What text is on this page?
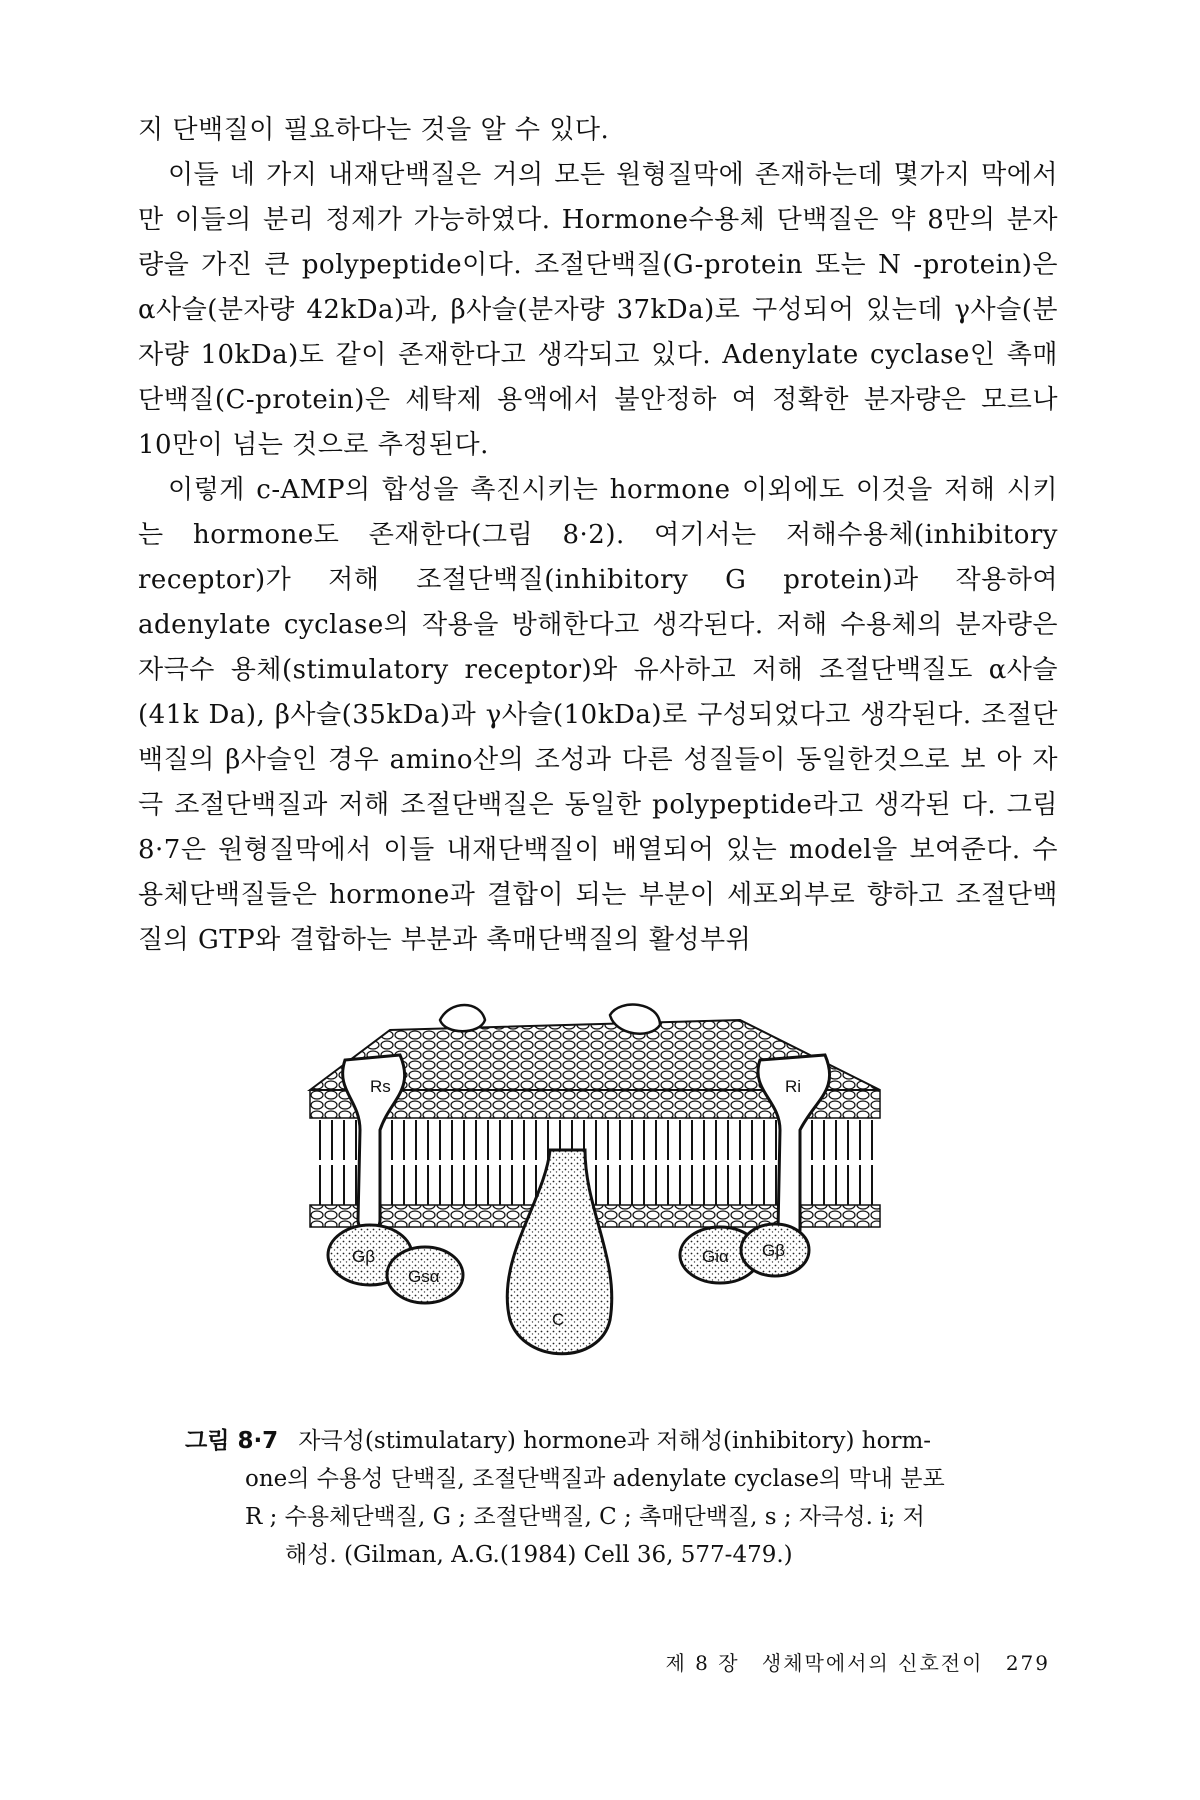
지 단백질이 필요하다는 것을 알 수 있다.

이들 네 가지 내재단백질은 거의 모든 원형질막에 존재하는데 몇가지 막에서만 이들의 분리 정제가 가능하였다. Hormone수용체 단백질은 약 8만의 분자량을 가진 큰 polypeptide이다. 조절단백질(G-protein 또는 N -protein)은 α사슬(분자량 42kDa)과, β사슬(분자량 37kDa)로 구성되어 있는데 γ사슬(분자량 10kDa)도 같이 존재한다고 생각되고 있다. Adenylate cyclase인 촉매단백질(C-protein)은 세탁제 용액에서 불안정하 여 정확한 분자량은 모르나 10만이 넘는 것으로 추정된다.

이렇게 c-AMP의 합성을 촉진시키는 hormone 이외에도 이것을 저해 시키는 hormone도 존재한다(그림 8·2). 여기서는 저해수용체(inhibitory receptor)가 저해 조절단백질(inhibitory G protein)과 작용하여 adenylate cyclase의 작용을 방해한다고 생각된다. 저해 수용체의 분자량은 자극수 용체(stimulatory receptor)와 유사하고 저해 조절단백질도 α사슬(41k Da), β사슬(35kDa)과 γ사슬(10kDa)로 구성되었다고 생각된다. 조절단 백질의 β사슬인 경우 amino산의 조성과 다른 성질들이 동일한것으로 보 아 자극 조절단백질과 저해 조절단백질은 동일한 polypeptide라고 생각된 다. 그림 8·7은 원형질막에서 이들 내재단백질이 배열되어 있는 model을 보여준다. 수용체단백질들은 hormone과 결합이 되는 부분이 세포외부로 향하고 조절단백질의 GTP와 결합하는 부분과 촉매단백질의 활성부위

Rs	Ri
Gβ
Gsα
C
Giα Gβ
그림 8·7 자극성(stimulatary) hormone과 저해성(inhibitory) horm-
one의 수용성 단백질, 조절단백질과 adenylate cyclase의 막내 분포
R ; 수용체단백질, G ; 조절단백질, C ; 촉매단백질, s ; 자극성. i; 저
해성. (Gilman, A.G.(1984) Cell 36, 577-479.)
제 8 장 생체막에서의 신호전이 279
